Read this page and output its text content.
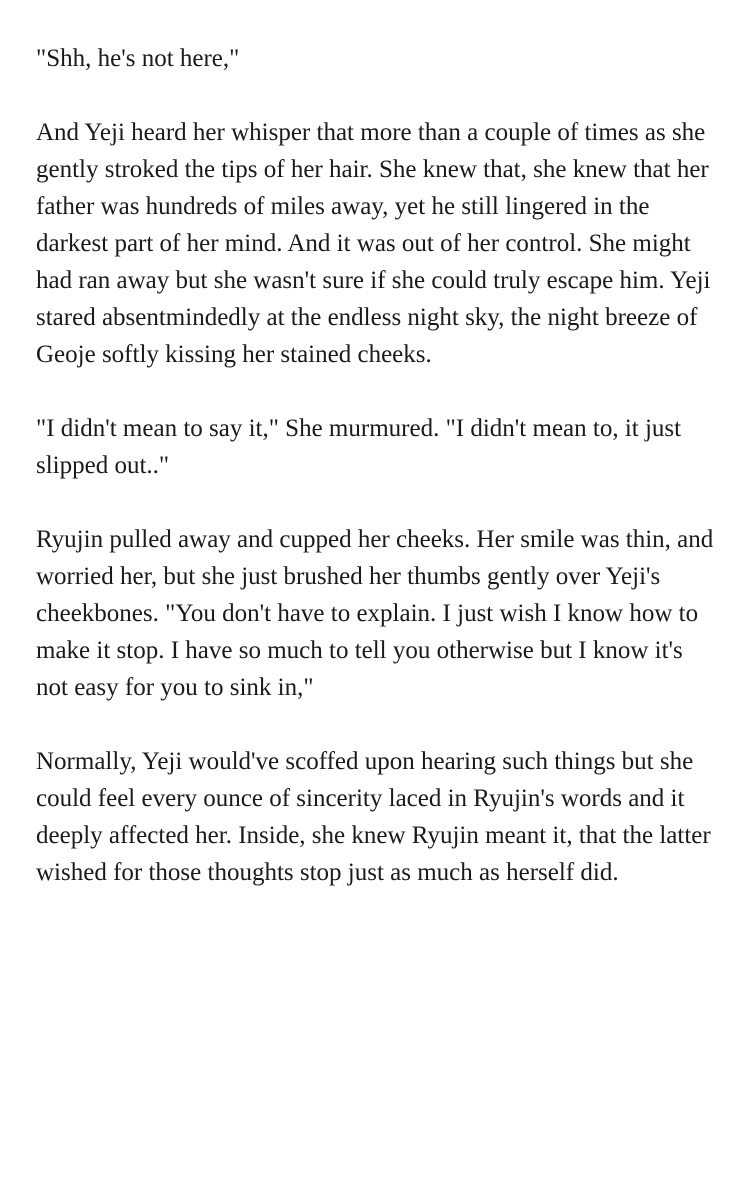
"Shh, he's not here,"

And Yeji heard her whisper that more than a couple of times as she gently stroked the tips of her hair. She knew that, she knew that her father was hundreds of miles away, yet he still lingered in the darkest part of her mind. And it was out of her control. She might had ran away but she wasn't sure if she could truly escape him. Yeji stared absentmindedly at the endless night sky, the night breeze of Geoje softly kissing her stained cheeks.

"I didn't mean to say it," She murmured. "I didn't mean to, it just slipped out.."

Ryujin pulled away and cupped her cheeks. Her smile was thin, and worried her, but she just brushed her thumbs gently over Yeji's cheekbones. "You don't have to explain. I just wish I know how to make it stop. I have so much to tell you otherwise but I know it's not easy for you to sink in,"

Normally, Yeji would've scoffed upon hearing such things but she could feel every ounce of sincerity laced in Ryujin's words and it deeply affected her. Inside, she knew Ryujin meant it, that the latter wished for those thoughts stop just as much as herself did.
